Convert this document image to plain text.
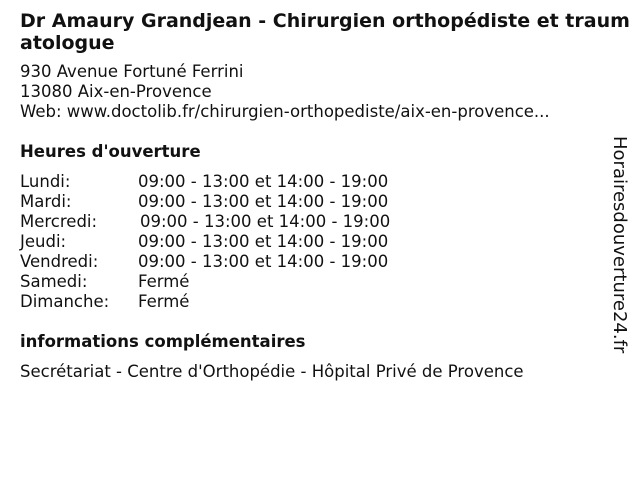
Dr Amaury Grandjean - Chirurgien orthopédiste et traumatologue
930 Avenue Fortuné Ferrini
13080 Aix-en-Provence
Web: www.doctolib.fr/chirurgien-orthopediste/aix-en-provence...
Heures d'ouverture
Lundi:	09:00 - 13:00 et 14:00 - 19:00
Mardi:	09:00 - 13:00 et 14:00 - 19:00
Mercredi:	09:00 - 13:00 et 14:00 - 19:00
Jeudi:	09:00 - 13:00 et 14:00 - 19:00
Vendredi:	09:00 - 13:00 et 14:00 - 19:00
Samedi:	Fermé
Dimanche:	Fermé
informations complémentaires
Secrétariat - Centre d'Orthopédie - Hôpital Privé de Provence
Horairesdouverture24.fr
